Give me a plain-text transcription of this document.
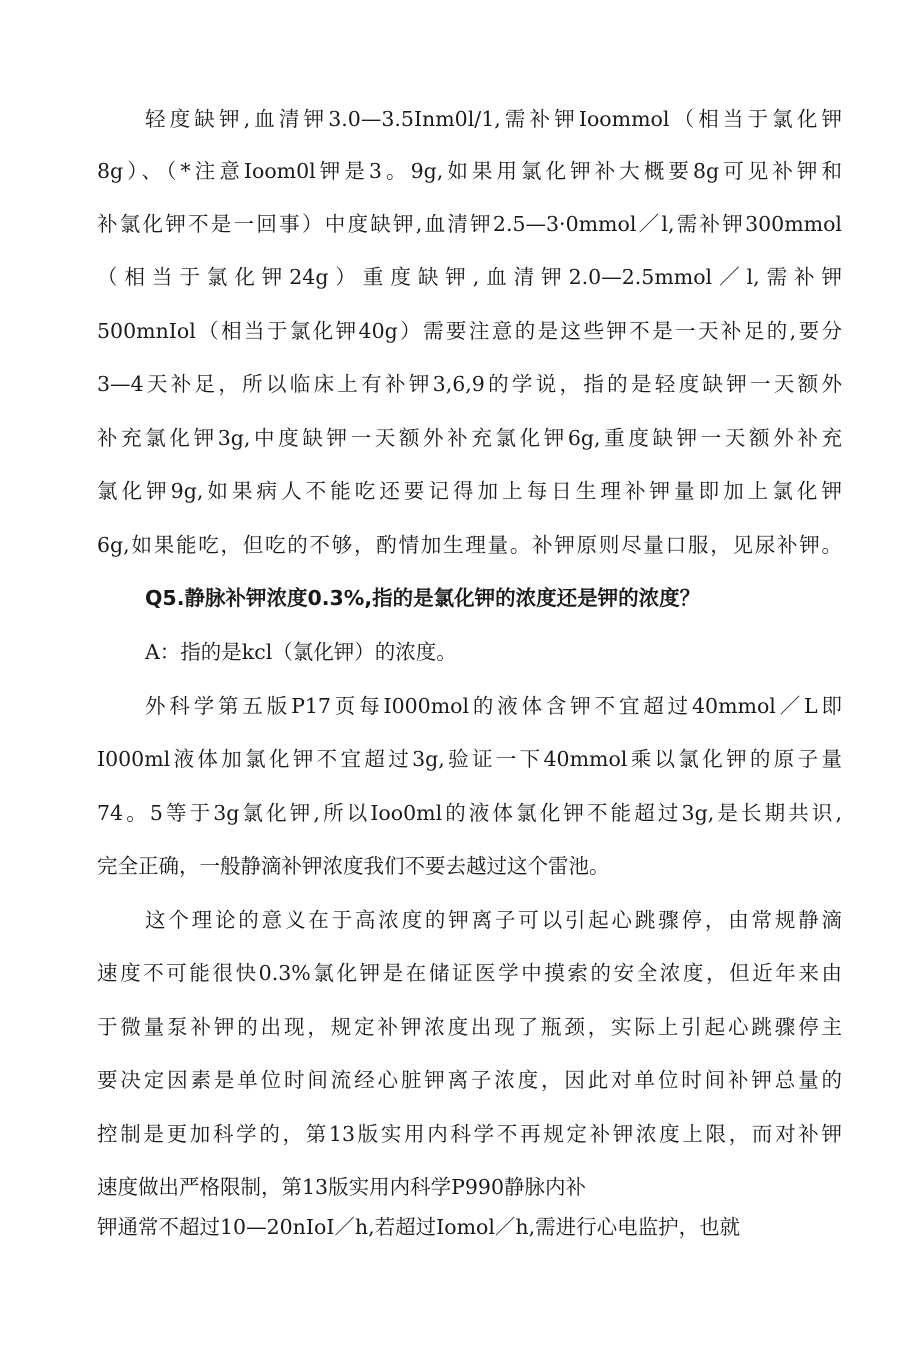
轻度缺钾,血清钾3.0—3.5Inm0l/1,需补钾Ioommol（相当于氯化钾
8g）、（*注意Ioom0l钾是3。9g,如果用氯化钾补大概要8g可见补钾和
补氯化钾不是一回事）中度缺钾,血清钾2.5—3·0mmol／l,需补钾300mmol
（相当于氯化钾24g）重度缺钾,血清钾2.0—2.5mmol／l,需补钾
500mnIol（相当于氯化钾40g）需要注意的是这些钾不是一天补足的,要分
3—4天补足，所以临床上有补钾3,6,9的学说，指的是轻度缺钾一天额外
补充氯化钾3g,中度缺钾一天额外补充氯化钾6g,重度缺钾一天额外补充
氯化钾9g,如果病人不能吃还要记得加上每日生理补钾量即加上氯化钾
6g,如果能吃，但吃的不够，酌情加生理量。补钾原则尽量口服，见尿补钾。
Q5.静脉补钾浓度0.3%,指的是氯化钾的浓度还是钾的浓度？
A：指的是kcl（氯化钾）的浓度。
外科学第五版P17页每I000mol的液体含钾不宜超过40mmol／L即
I000ml液体加氯化钾不宜超过3g,验证一下40mmol乘以氯化钾的原子量
74。5等于3g氯化钾,所以Ioo0ml的液体氯化钾不能超过3g,是长期共识,
完全正确，一般静滴补钾浓度我们不要去越过这个雷池。
这个理论的意义在于高浓度的钾离子可以引起心跳骤停，由常规静滴
速度不可能很快0.3%氯化钾是在储证医学中摸索的安全浓度，但近年来由
于微量泵补钾的出现，规定补钾浓度出现了瓶颈，实际上引起心跳骤停主
要决定因素是单位时间流经心脏钾离子浓度，因此对单位时间补钾总量的
控制是更加科学的，第13版实用内科学不再规定补钾浓度上限，而对补钾
速度做出严格限制，第13版实用内科学P990静脉内补
钾通常不超过10—20nIoI／h,若超过Iomol／h,需进行心电监护，也就
